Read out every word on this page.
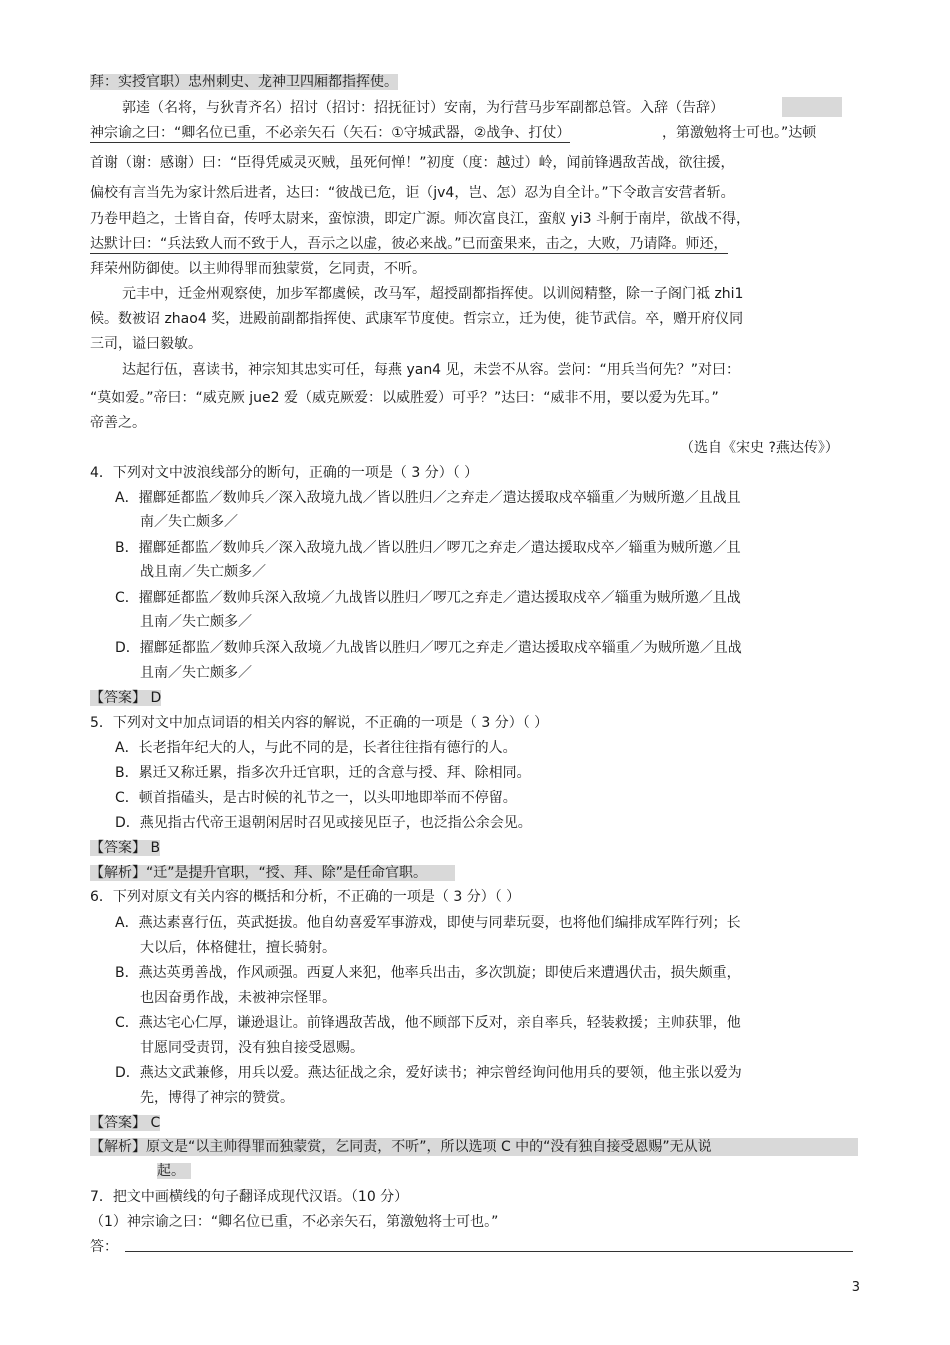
拜：实授官职）忠州刺史、龙神卫四厢都指挥使。
郭逵（名将，与狄青齐名）招讨（招讨：招抚征讨）安南，为行营马步军副都总管。入辞（告辞）
神宗谕之曰：“卿名位已重，不必亲矢石（矢石：①守城武器，②战争、打仗）	，第激勉将士可也。”达顿
首谢（谢：感谢）曰：“臣得凭威灵灭贼，虽死何惮！”初度（度：越过）岭，闻前锋遇敌苦战，欲往援，
偏校有言当先为家计然后进者，达曰：“彼战已危，讵（jv4，岂、怎）忍为自全计。”下令敢言安营者斩。
乃卷甲趋之，士皆自奋，传呼太尉来，蛮惊溃，即定广源。师次富良江，蛮舣 yi3 斗舸于南岸，欲战不得，
达默计曰：“兵法致人而不致于人，吾示之以虚，彼必来战。”已而蛮果来，击之，大败，乃请降。师还，
拜荣州防御使。以主帅得罪而独蒙赏，乞同责，不听。
元丰中，迁金州观察使，加步军都虞候，改马军，超授副都指挥使。以训阅精整，除一子阁门祗 zhi1
候。数被诏 zhao4 奖，进殿前副都指挥使、武康军节度使。哲宗立，迁为使，徙节武信。卒，赠开府仪同
三司，谥曰毅敏。
达起行伍，喜读书，神宗知其忠实可任，每燕 yan4 见，未尝不从容。尝问：“用兵当何先？”对曰：
“莫如爱。”帝曰：“威克厥 jue2 爱（威克厥爱：以威胜爱）可乎？”达曰：“威非不用，要以爱为先耳。”
帝善之。
（选自《宋史 ?燕达传》）
4．下列对文中波浪线部分的断句，正确的一项是（ 3 分）（ ）
A．擢鄜延都监／数帅兵／深入敌境九战／皆以胜归／之弃走／遣达援取戍卒辎重／为贼所邀／且战且
南／失亡颇多／
B．擢鄜延都监／数帅兵／深入敌境九战／皆以胜归／啰兀之弃走／遣达援取戍卒／辎重为贼所邀／且
战且南／失亡颇多／
C．擢鄜延都监／数帅兵深入敌境／九战皆以胜归／啰兀之弃走／遣达援取戍卒／辎重为贼所邀／且战
且南／失亡颇多／
D．擢鄜延都监／数帅兵深入敌境／九战皆以胜归／啰兀之弃走／遣达援取戍卒辎重／为贼所邀／且战
且南／失亡颇多／
【答案】 D
5．下列对文中加点词语的相关内容的解说，不正确的一项是（ 3 分）（ ）
A．长老指年纪大的人，与此不同的是，长者往往指有德行的人。
B．累迁又称迁累，指多次升迁官职，迁的含意与授、拜、除相同。
C．顿首指磕头，是古时候的礼节之一，以头叩地即举而不停留。
D．燕见指古代帝王退朝闲居时召见或接见臣子，也泛指公余会见。
【答案】 B
【解析】“迁”是提升官职，“授、拜、除”是任命官职。
6．下列对原文有关内容的概括和分析，不正确的一项是（ 3 分）（ ）
A．燕达素喜行伍，英武挺拔。他自幼喜爱军事游戏，即使与同辈玩耍，也将他们编排成军阵行列；长
大以后，体格健壮，擅长骑射。
B．燕达英勇善战，作风顽强。西夏人来犯，他率兵出击，多次凯旋；即使后来遭遇伏击，损失颇重，
也因奋勇作战，未被神宗怪罪。
C．燕达宅心仁厚，谦逊退让。前锋遇敌苦战，他不顾部下反对，亲自率兵，轻装救援；主帅获罪，他
甘愿同受责罚，没有独自接受恩赐。
D．燕达文武兼修，用兵以爱。燕达征战之余，爱好读书；神宗曾经询问他用兵的要领，他主张以爱为
先，博得了神宗的赞赏。
【答案】 C
【解析】原文是“以主帅得罪而独蒙赏，乞同责，不听”，所以选项 C 中的“没有独自接受恩赐”无从说
起。
7．把文中画横线的句子翻译成现代汉语。（10 分）
（1）神宗谕之曰：“卿名位已重，不必亲矢石，第激勉将士可也。”
答：
3
